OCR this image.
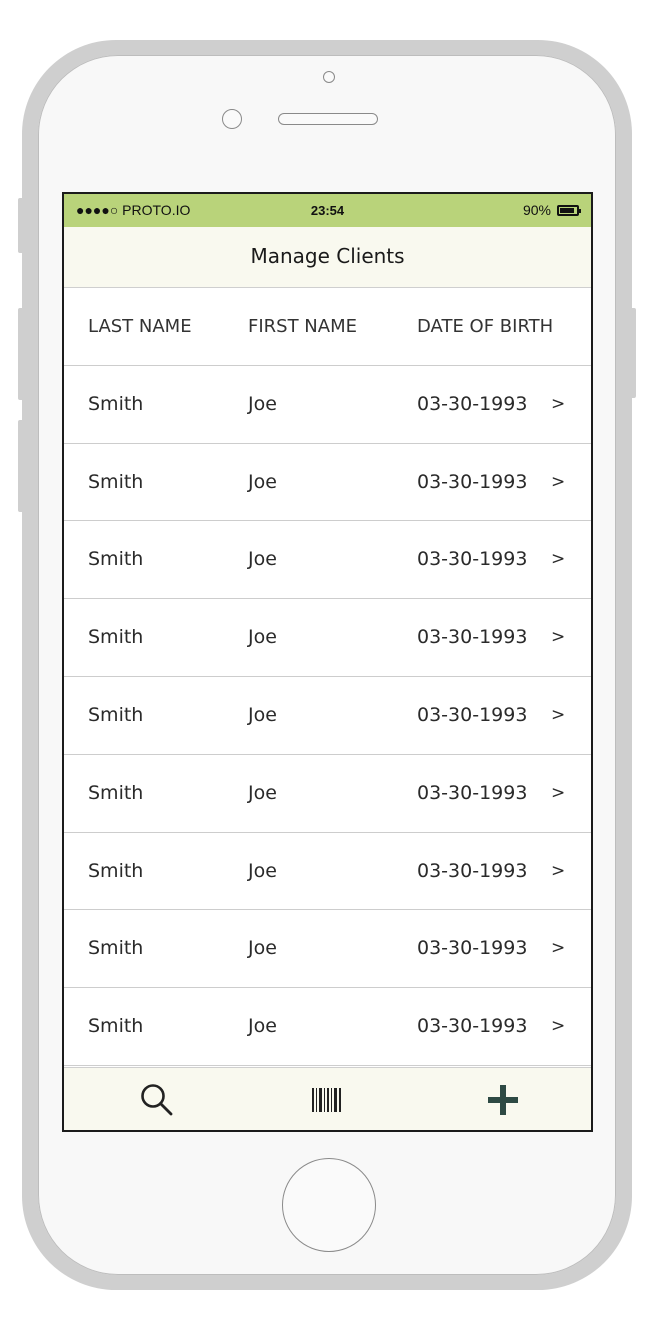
●●●●○ PROTO.IO	23:54	90%
Manage Clients
LAST NAME	FIRST NAME	DATE OF BIRTH
Smith	Joe	03-30-1993 >
Smith	Joe	03-30-1993 >
Smith	Joe	03-30-1993 >
Smith	Joe	03-30-1993 >
Smith	Joe	03-30-1993 >
Smith	Joe	03-30-1993 >
Smith	Joe	03-30-1993 >
Smith	Joe	03-30-1993 >
Smith	Joe	03-30-1993 >
